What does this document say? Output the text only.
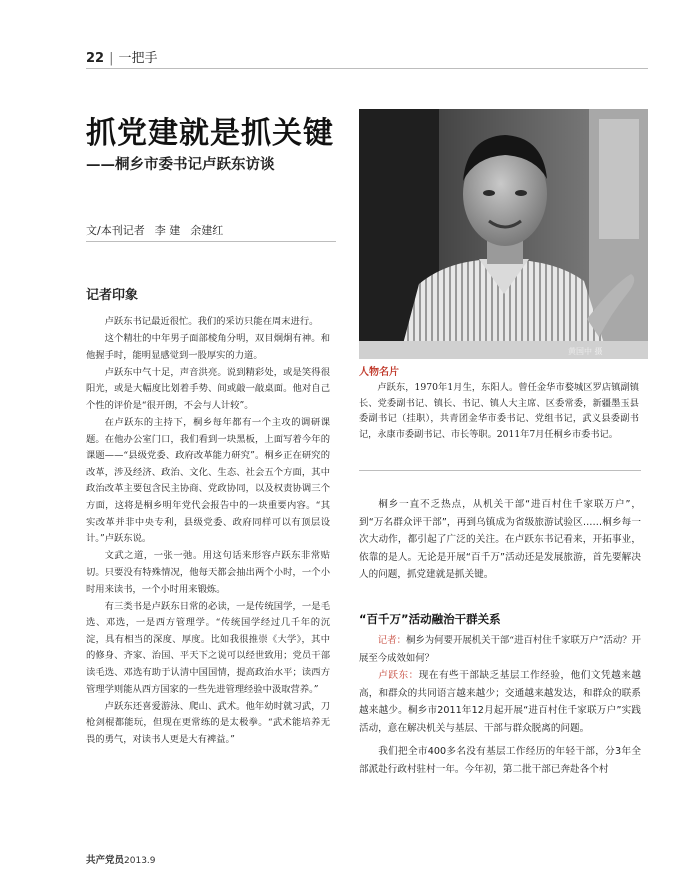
22 | 一把手
抓党建就是抓关键
——桐乡市委书记卢跃东访谈
文/本刊记者 李 建 余建红
记者印象

卢跃东书记最近很忙。我们的采访只能在周末进行。

这个精壮的中年男子面部棱角分明，双目炯炯有神。和他握手时，能明显感觉到一股厚实的力道。

卢跃东中气十足，声音洪亮。说到精彩处，或是笑得很阳光，或是大幅度比划着手势、间或敲一敲桌面。他对自己个性的评价是“很开朗，不会与人计较”。

在卢跃东的主持下，桐乡每年都有一个主攻的调研课题。在他办公室门口，我们看到一块黑板，上面写着今年的课题——“县级党委、政府改革能力研究”。桐乡正在研究的改革，涉及经济、政治、文化、生态、社会五个方面，其中政治改革主要包含民主协商、党政协同，以及权责协调三个方面，这将是桐乡明年党代会报告中的一块重要内容。“其实改革并非中央专利，县级党委、政府同样可以有顶层设计。”卢跃东说。

文武之道，一张一弛。用这句话来形容卢跃东非常贴切。只要没有特殊情况，他每天都会抽出两个小时，一个小时用来读书，一个小时用来锻炼。

有三类书是卢跃东日常的必读，一是传统国学，一是毛选、邓选，一是西方管理学。“传统国学经过几千年的沉淀，具有相当的深度、厚度。比如我很推崇《大学》，其中的修身、齐家、治国、平天下之说可以经世致用；党员干部读毛选、邓选有助于认清中国国情，提高政治水平；读西方管理学则能从西方国家的一些先进管理经验中汲取营养。”

卢跃东还喜爱游泳、爬山、武术。他年幼时就习武，刀枪剑棍都能玩，但现在更常练的是太极拳。“武术能培养无畏的勇气，对读书人更是大有裨益。”

黄国中 摄
人物名片
卢跃东，1970年1月生，东阳人。曾任金华市婺城区罗店镇副镇长、党委副书记、镇长、书记、镇人大主席、区委常委，新疆墨玉县委副书记（挂职），共青团金华市委书记、党组书记，武义县委副书记，永康市委副书记、市长等职。2011年7月任桐乡市委书记。

桐乡一直不乏热点，从机关干部“进百村住千家联万户”，到“万名群众评干部”，再到乌镇成为省级旅游试验区……桐乡每一次大动作，都引起了广泛的关注。在卢跃东书记看来，开拓事业，依靠的是人。无论是开展“百千万”活动还是发展旅游，首先要解决人的问题，抓党建就是抓关键。

“百千万”活动融治干群关系

记者：桐乡为何要开展机关干部“进百村住千家联万户”活动？开展至今成效如何？

卢跃东：现在有些干部缺乏基层工作经验，他们文凭越来越高，和群众的共同语言越来越少；交通越来越发达，和群众的联系越来越少。桐乡市2011年12月起开展“进百村住千家联万户”实践活动，意在解决机关与基层、干部与群众脱离的问题。

我们把全市400多名没有基层工作经历的年轻干部，分3年全部派赴行政村驻村一年。今年初，第二批干部已奔赴各个村

共产党员2013.9
